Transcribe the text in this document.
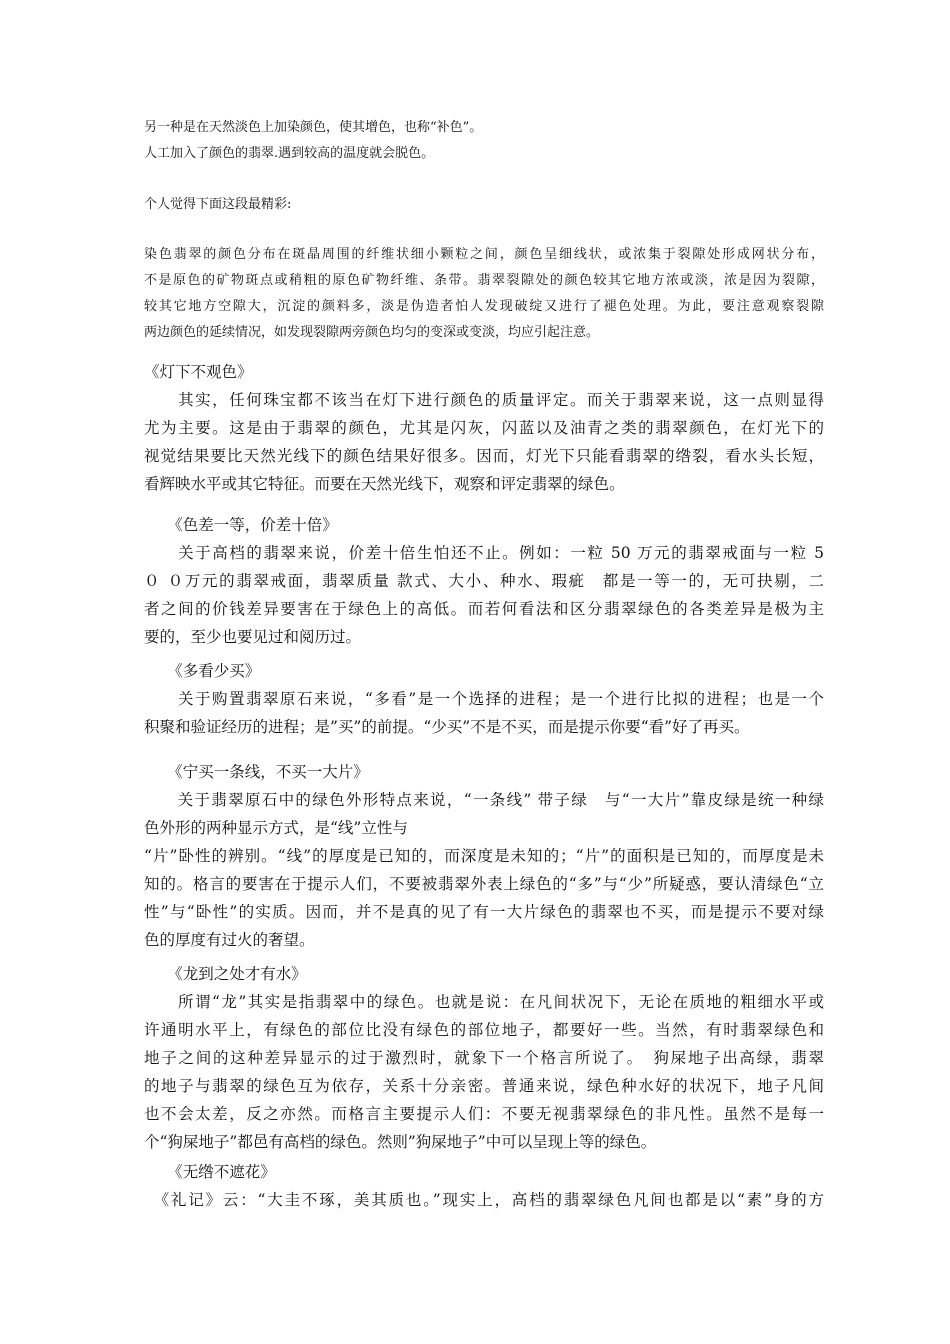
另一种是在天然淡色上加染颜色，使其增色，也称“补色”。
人工加入了颜色的翡翠.遇到较高的温度就会脱色。
个人觉得下面这段最精彩:
染色翡翠的颜色分布在斑晶周围的纤维状细小颗粒之间，颜色呈细线状，或浓集于裂隙处形成网状分布，
不是原色的矿物斑点或稍粗的原色矿物纤维、条带。翡翠裂隙处的颜色较其它地方浓或淡，浓是因为裂隙，
较其它地方空隙大，沉淀的颜料多，淡是伪造者怕人发现破绽又进行了褪色处理。为此，要注意观察裂隙
两边颜色的延续情况，如发现裂隙两旁颜色均匀的变深或变淡，均应引起注意。
《灯下不观色》
　　其实，任何珠宝都不该当在灯下进行颜色的质量评定。而关于翡翠来说，这一点则显得
尤为主要。这是由于翡翠的颜色，尤其是闪灰，闪蓝以及油青之类的翡翠颜色，在灯光下的
视觉结果要比天然光线下的颜色结果好很多。因而，灯光下只能看翡翠的绺裂，看水头长短，
看辉映水平或其它特征。而要在天然光线下，观察和评定翡翠的绿色。
　　《色差一等，价差十倍》
　　关于高档的翡翠来说，价差十倍生怕还不止。例如：一粒 50 万元的翡翠戒面与一粒 5
０ ０万元的翡翠戒面，翡翠质量 款式、大小、种水、瑕疵　都是一等一的，无可抉剔，二
者之间的价钱差异要害在于绿色上的高低。而若何看法和区分翡翠绿色的各类差异是极为主
要的，至少也要见过和阅历过。
　　《多看少买》
　　关于购置翡翠原石来说，“多看”是一个选择的进程；是一个进行比拟的进程；也是一个
积聚和验证经历的进程；是”买”的前提。“少买”不是不买，而是提示你要“看”好了再买。
　　《宁买一条线，不买一大片》
　　关于翡翠原石中的绿色外形特点来说，“一条线” 带子绿　与“一大片”靠皮绿是统一种绿
色外形的两种显示方式，是“线”立性与
“片”卧性的辨别。“线”的厚度是已知的，而深度是未知的；“片”的面积是已知的，而厚度是未
知的。格言的要害在于提示人们，不要被翡翠外表上绿色的“多”与“少”所疑惑，要认清绿色“立
性”与“卧性”的实质。因而，并不是真的见了有一大片绿色的翡翠也不买，而是提示不要对绿
色的厚度有过火的奢望。
　　《龙到之处才有水》
　　所谓“龙”其实是指翡翠中的绿色。也就是说：在凡间状况下，无论在质地的粗细水平或
许通明水平上，有绿色的部位比没有绿色的部位地子，都要好一些。当然，有时翡翠绿色和
地子之间的这种差异显示的过于激烈时，就象下一个格言所说了。　狗屎地子出高绿，翡翠
的地子与翡翠的绿色互为依存，关系十分亲密。普通来说，绿色种水好的状况下，地子凡间
也不会太差，反之亦然。而格言主要提示人们：不要无视翡翠绿色的非凡性。虽然不是每一
个“狗屎地子”都邑有高档的绿色。然则”狗屎地子”中可以呈现上等的绿色。
　　《无绺不遮花》
　《礼记》云：“大圭不琢，美其质也。”现实上，高档的翡翠绿色凡间也都是以“素”身的方
